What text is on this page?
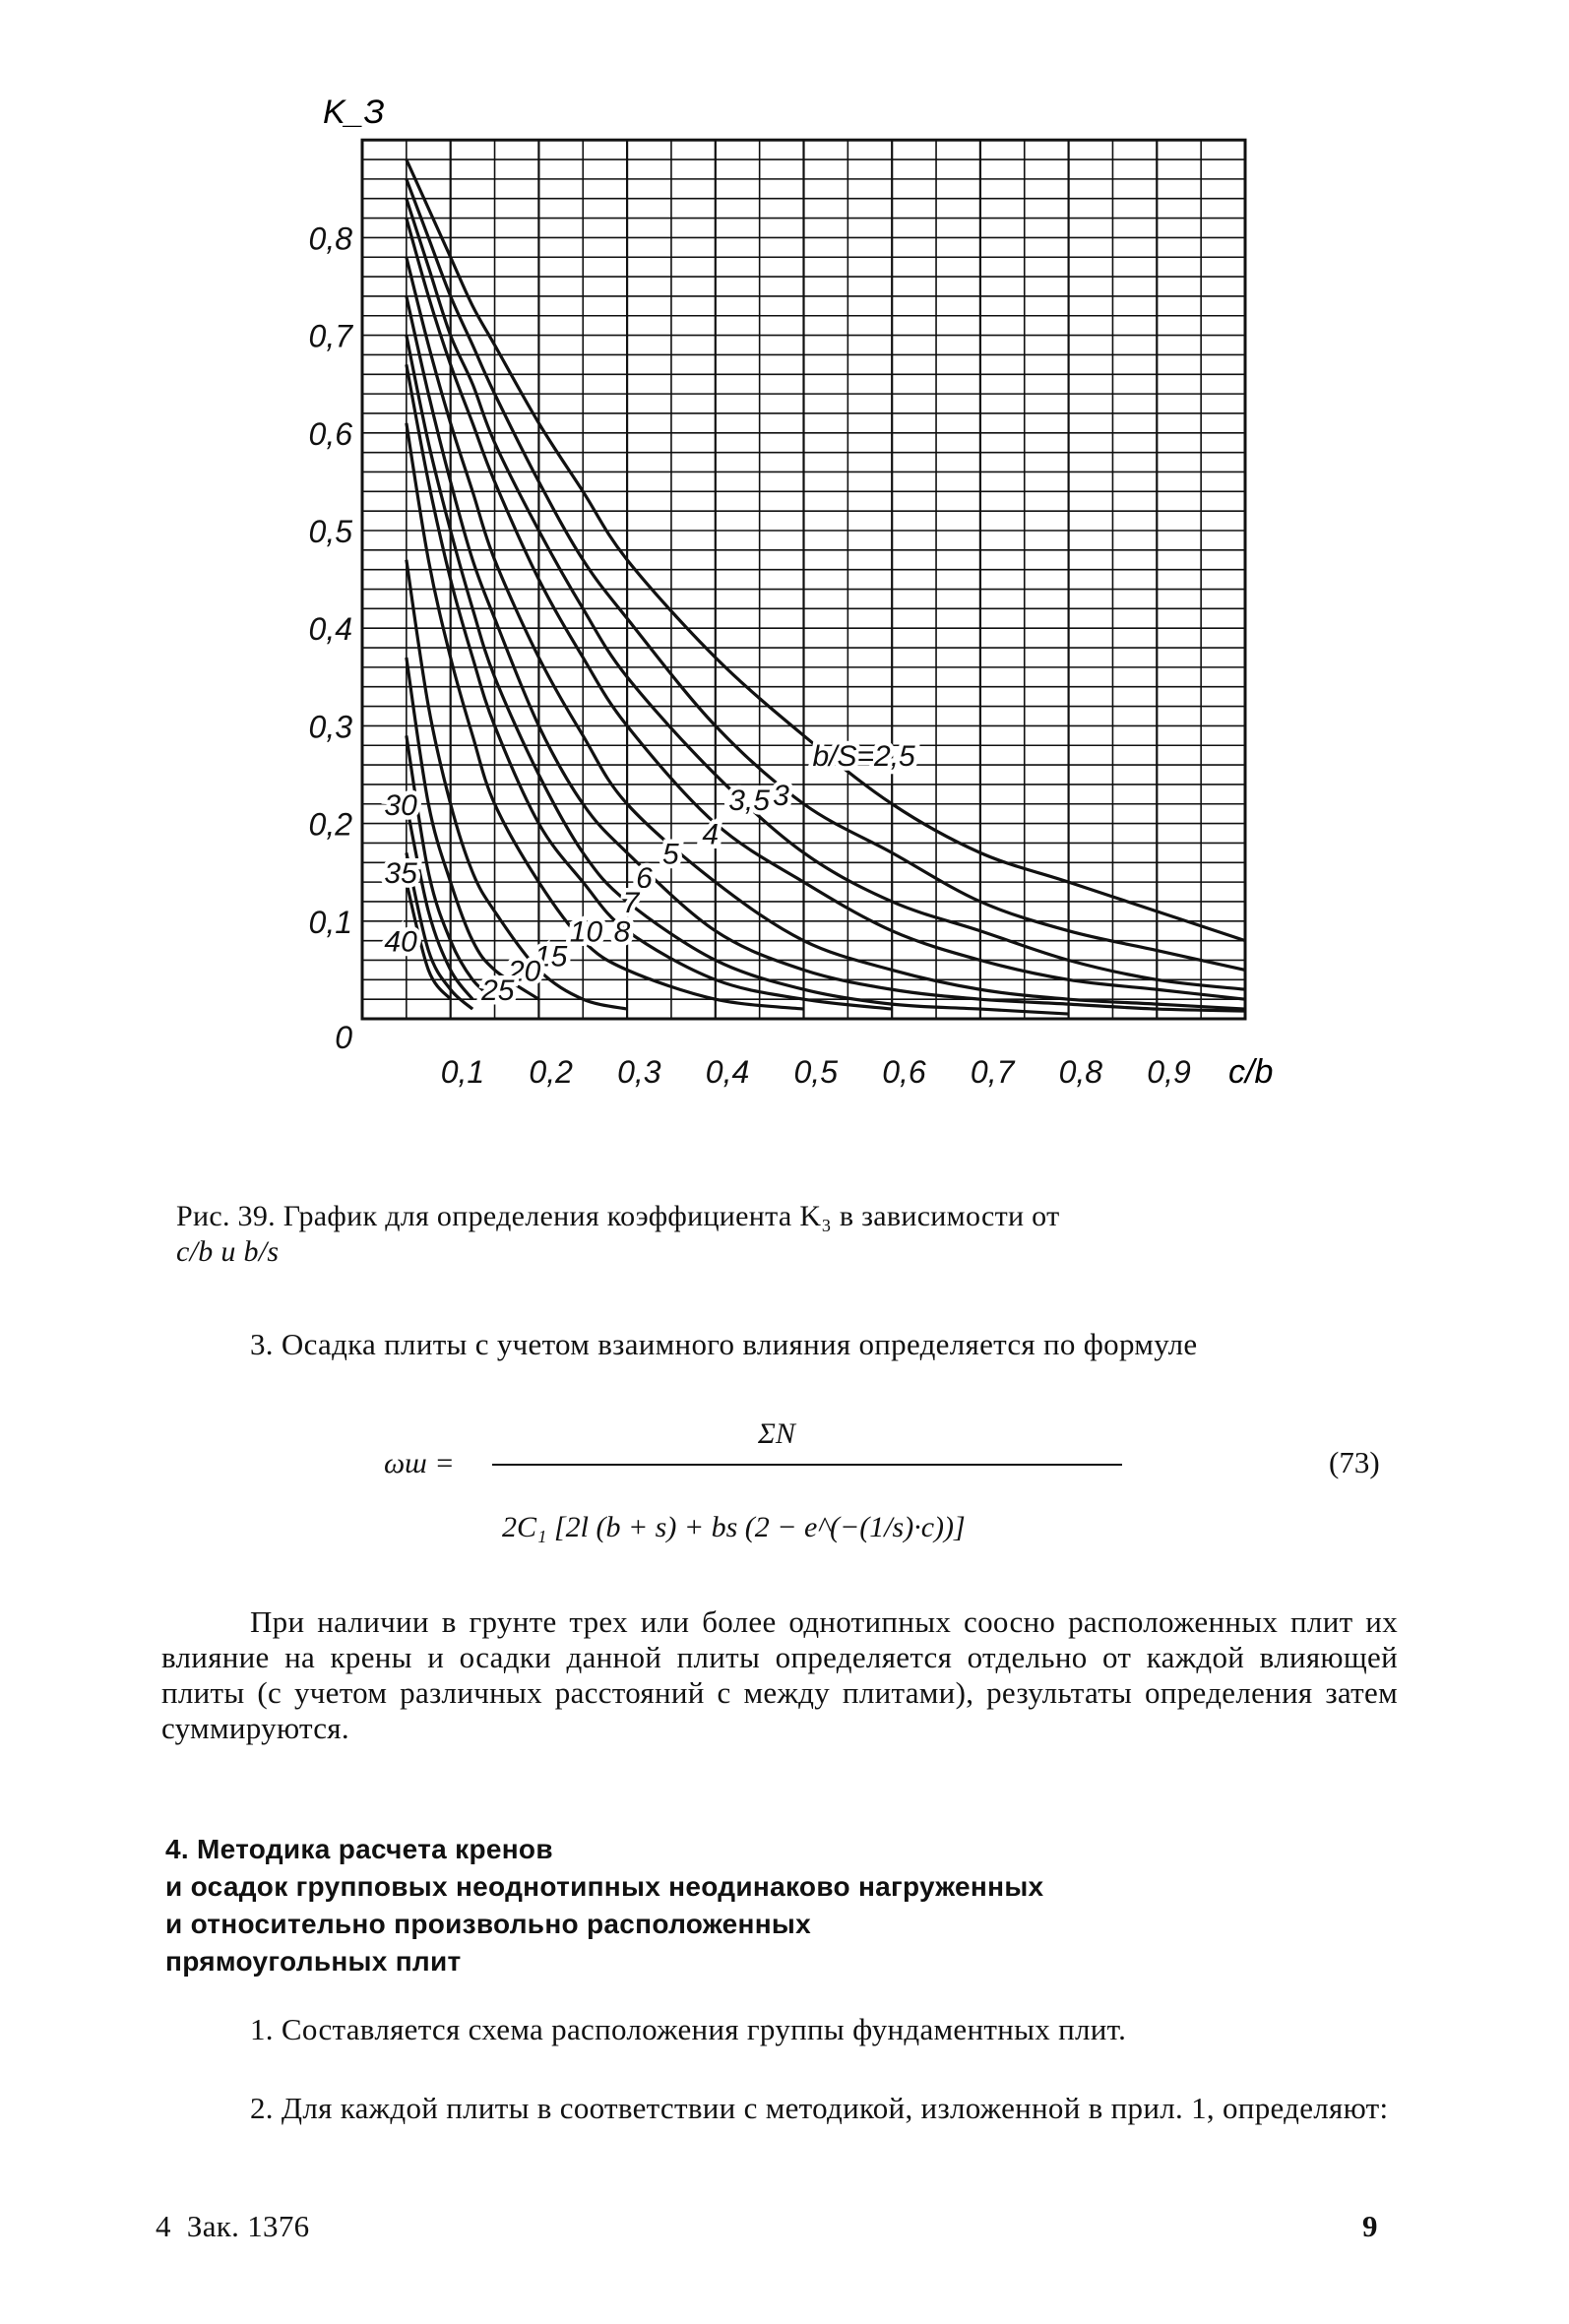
b/S=2,5
3
3,5
4
5
6
7
8
10
15
20
25
30
35
40
0,1 0,2 0,3 0,4 0,5 0,6 0,7 0,8 0,9
0
0,1
0,2
0,3
0,4
0,5
0,6
0,7
0,8
K_З
c/b
Рис. 39. График для определения коэффициента K₃ в зависимости от
c/b и b/s
3. Осадка плиты с учетом взаимного влияния определяется по формуле
ωш =
ΣN
2C₁ [2l (b + s) + bs (2 − e^(−(1/s)·c))]
(73)
При наличии в грунте трех или более однотипных соосно расположенных плит их влияние на крены и осадки данной плиты определяется отдельно от каждой влияющей плиты (с учетом различных расстояний c между плитами), результаты определения затем суммируются.
4. Методика расчета кренов
и осадок групповых неоднотипных неодинаково нагруженных
и относительно произвольно расположенных
прямоугольных плит
1. Составляется схема расположения группы фундаментных плит.
2. Для каждой плиты в соответствии с методикой, изложенной в прил. 1, определяют:
4  Зак. 1376	9
